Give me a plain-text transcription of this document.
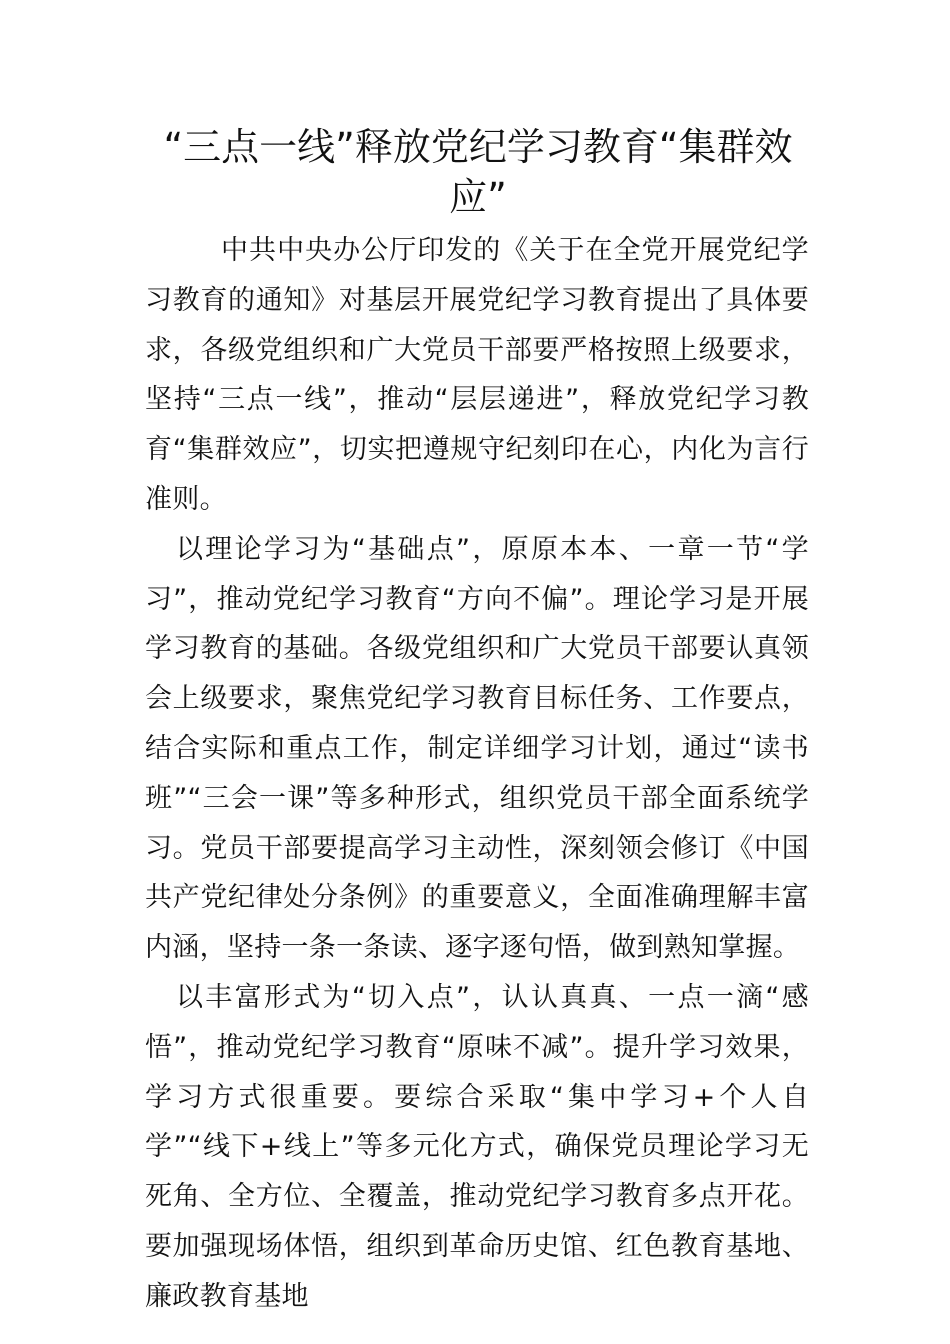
“三点一线”释放党纪学习教育“集群效应”

中共中央办公厅印发的《关于在全党开展党纪学习教育的通知》对基层开展党纪学习教育提出了具体要求，各级党组织和广大党员干部要严格按照上级要求，坚持“三点一线”，推动“层层递进”，释放党纪学习教育“集群效应”，切实把遵规守纪刻印在心，内化为言行准则。

以理论学习为“基础点”，原原本本、一章一节“学习”，推动党纪学习教育“方向不偏”。理论学习是开展学习教育的基础。各级党组织和广大党员干部要认真领会上级要求，聚焦党纪学习教育目标任务、工作要点，结合实际和重点工作，制定详细学习计划，通过“读书班”“三会一课”等多种形式，组织党员干部全面系统学习。党员干部要提高学习主动性，深刻领会修订《中国共产党纪律处分条例》的重要意义，全面准确理解丰富内涵，坚持一条一条读、逐字逐句悟，做到熟知掌握。

以丰富形式为“切入点”，认认真真、一点一滴“感悟”，推动党纪学习教育“原味不减”。提升学习效果，学习方式很重要。要综合采取“集中学习+个人自学”“线下+线上”等多元化方式，确保党员理论学习无死角、全方位、全覆盖，推动党纪学习教育多点开花。要加强现场体悟，组织到革命历史馆、红色教育基地、廉政教育基地
